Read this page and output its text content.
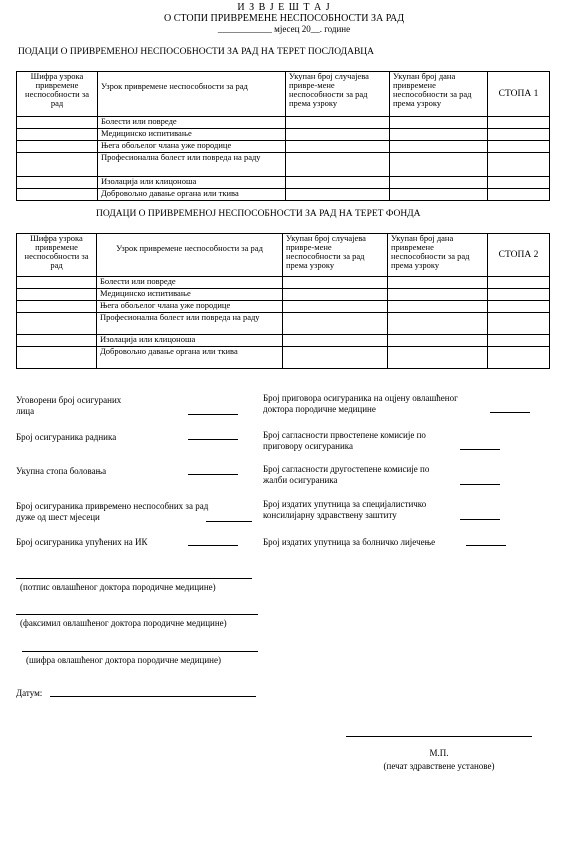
И З В Ј Е Ш Т А Ј
О СТОПИ ПРИВРЕМЕНЕ НЕСПОСОБНОСТИ ЗА РАД
____________ мјесец 20__. године
ПОДАЦИ О ПРИВРЕМЕНОЈ НЕСПОСОБНОСТИ ЗА РАД НА ТЕРЕТ ПОСЛОДАВЦА
Шифра узрока привремене неспособности за рад	Узрок привремене неспособности за рад	Укупан број случајева привре-мене неспособности за рад према узроку	Укупан број дана привремене неспособности за рад према узроку	СТОПА 1
	Болести или повреде			
	Медицинско испитивање			
	Њега обољелог члана уже породице			
	Професионална болест или повреда на раду			
	Изолација или клицоноша			
	Добровољно давање органа или ткива			
ПОДАЦИ О ПРИВРЕМЕНОЈ НЕСПОСОБНОСТИ ЗА РАД НА ТЕРЕТ ФОНДА
Шифра узрока привремене неспособности за рад	Узрок привремене неспособности за рад	Укупан број случајева привре-мене неспособности за рад према узроку	Укупан број дана привремене неспособности за рад према узроку	СТОПА 2
	Болести или повреде			
	Медицинско испитивање			
	Њега обољелог члана уже породице			
	Професионална болест или повреда на раду			
	Изолација или клицоноша			
	Добровољно давање органа или ткива			
Уговорени број осигураних лица
Број осигураника радника
Укупна стопа боловања
Број осигураника привремено неспособних за рад дуже од шест мјесеци
Број осигураника упућених на ИК
Број приговора осигураника на оцјену овлашћеног доктора породичне медицине
Број сагласности првостепене комисије по приговору осигураника
Број сагласности другостепене комисије по жалби осигураника
Број издатих упутница за специјалистичко консилијарну здравствену заштиту
Број издатих упутница за болничко лијечење
(потпис овлашћеног доктора породичне медицине)
(факсимил овлашћеног доктора породичне медицине)
(шифра овлашћеног доктора породичне медицине)
Датум:
М.П.
(печат здравствене установе)
